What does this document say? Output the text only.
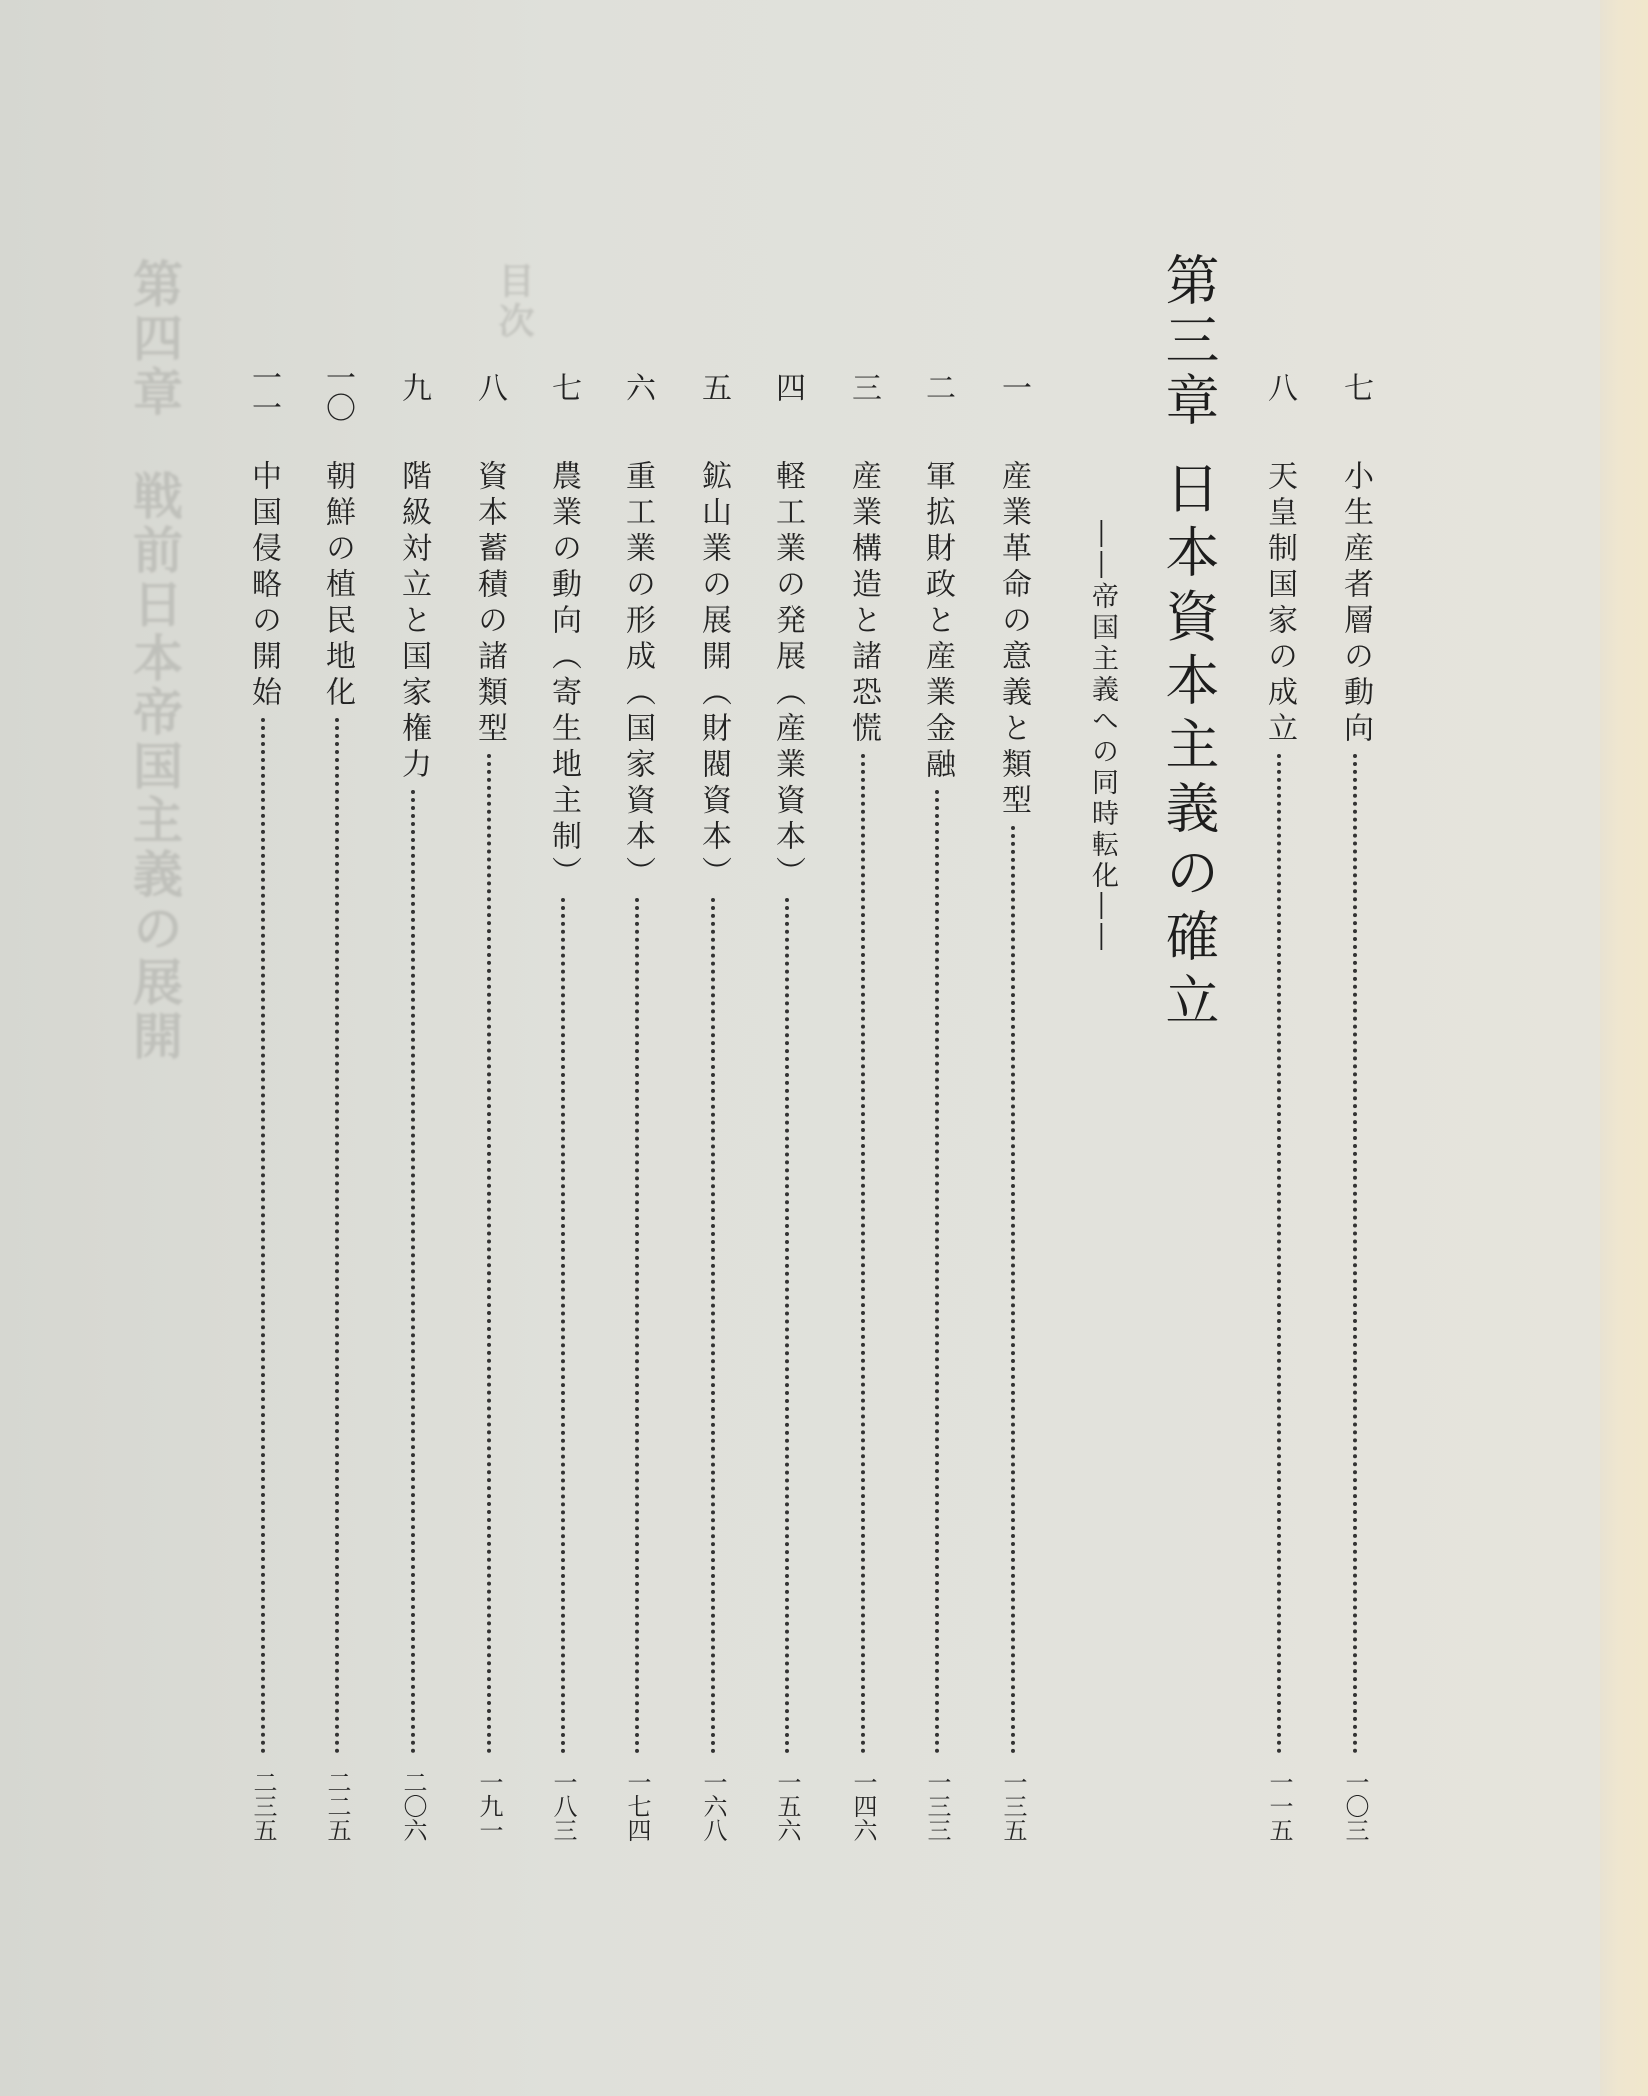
第四章
戦前日本帝国主義の展開
目次
七
小生産者層の動向
一〇三
八
天皇制国家の成立
一一五
第三章
日本資本主義の確立
――帝国主義への同時転化――
一
産業革命の意義と類型
一三五
二
軍拡財政と産業金融
一三三
三
産業構造と諸恐慌
一四六
四
軽工業の発展（産業資本）
一五六
五
鉱山業の展開（財閥資本）
一六八
六
重工業の形成（国家資本）
一七四
七
農業の動向（寄生地主制）
一八三
八
資本蓄積の諸類型
一九一
九
階級対立と国家権力
二〇六
一〇
朝鮮の植民地化
二二五
一一
中国侵略の開始
二三五
